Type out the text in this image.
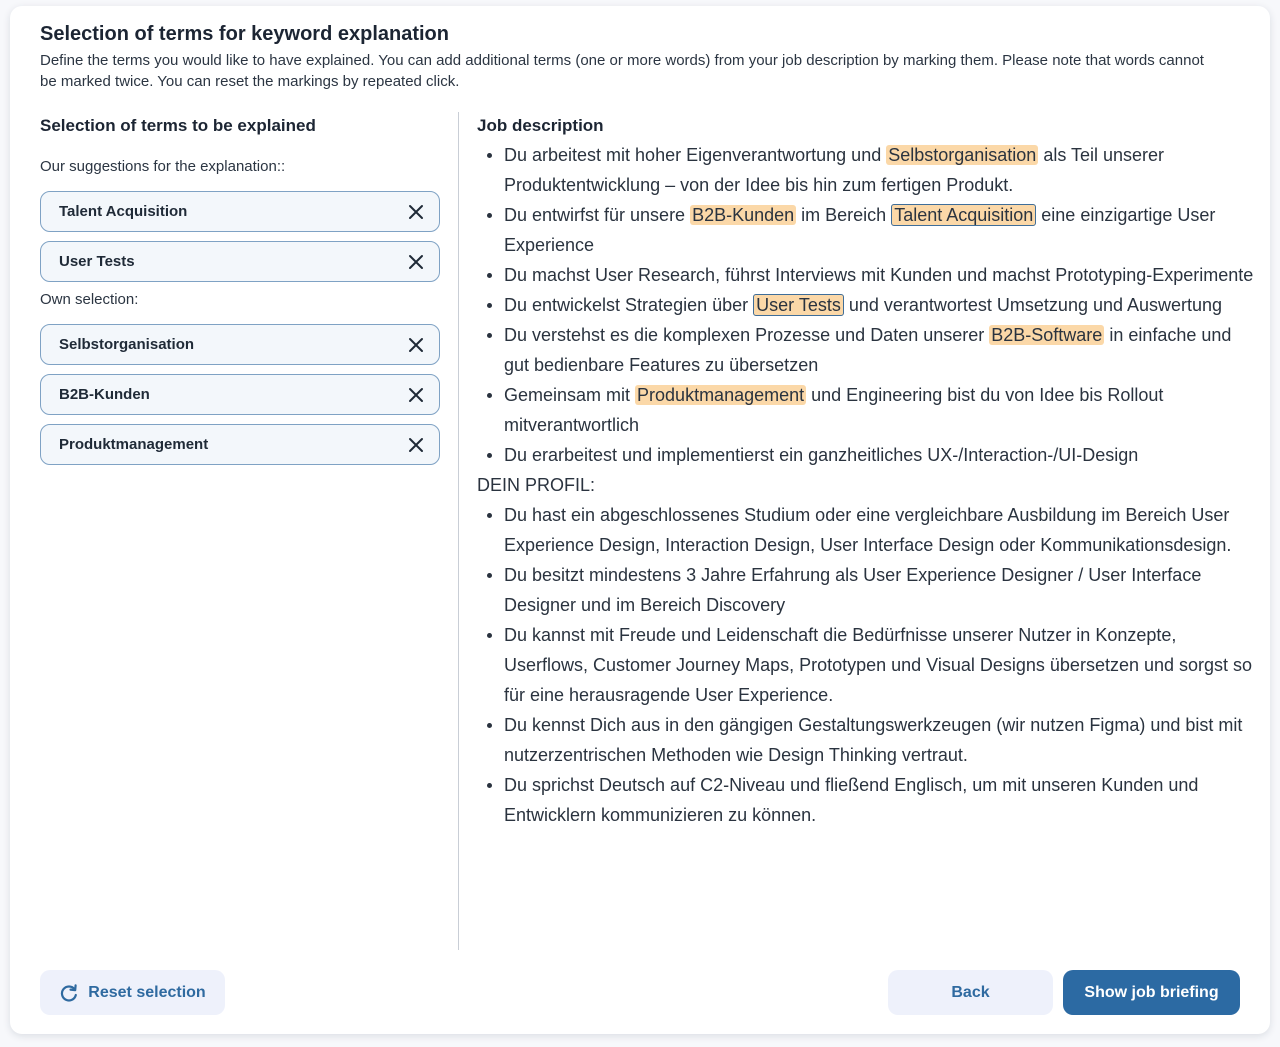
Selection of terms for keyword explanation
Define the terms you would like to have explained. You can add additional terms (one or more words) from your job description by marking them. Please note that words cannot be marked twice. You can reset the markings by repeated click.
Selection of terms to be explained
Our suggestions for the explanation::
Talent Acquisition
User Tests
Own selection:
Selbstorganisation
B2B-Kunden
Produktmanagement
Job description
Du arbeitest mit hoher Eigenverantwortung und Selbstorganisation als Teil unserer Produktentwicklung – von der Idee bis hin zum fertigen Produkt.
Du entwirfst für unsere B2B-Kunden im Bereich Talent Acquisition eine einzigartige User Experience
Du machst User Research, führst Interviews mit Kunden und machst Prototyping-Experimente
Du entwickelst Strategien über User Tests und verantwortest Umsetzung und Auswertung
Du verstehst es die komplexen Prozesse und Daten unserer B2B-Software in einfache und gut bedienbare Features zu übersetzen
Gemeinsam mit Produktmanagement und Engineering bist du von Idee bis Rollout mitverantwortlich
Du erarbeitest und implementierst ein ganzheitliches UX-/Interaction-/UI-Design
DEIN PROFIL:
Du hast ein abgeschlossenes Studium oder eine vergleichbare Ausbildung im Bereich User Experience Design, Interaction Design, User Interface Design oder Kommunikationsdesign.
Du besitzt mindestens 3 Jahre Erfahrung als User Experience Designer / User Interface Designer und im Bereich Discovery
Du kannst mit Freude und Leidenschaft die Bedürfnisse unserer Nutzer in Konzepte, Userflows, Customer Journey Maps, Prototypen und Visual Designs übersetzen und sorgst so für eine herausragende User Experience.
Du kennst Dich aus in den gängigen Gestaltungswerkzeugen (wir nutzen Figma) und bist mit nutzerzentrischen Methoden wie Design Thinking vertraut.
Du sprichst Deutsch auf C2-Niveau und fließend Englisch, um mit unseren Kunden und Entwicklern kommunizieren zu können.
Reset selection	Back	Show job briefing
